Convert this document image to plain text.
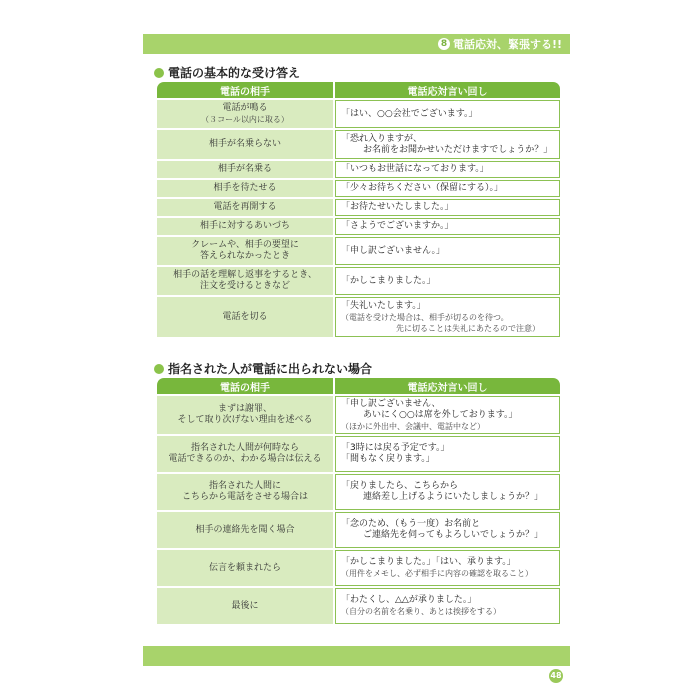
8 電話応対、緊張する!!
電話の基本的な受け答え
電話の相手	電話応対言い回し

電話が鳴る
（３コール以内に取る）	「はい、○○会社でございます。」

相手が名乗らない	「恐れ入りますが、
お名前をお聞かせいただけますでしょうか？」

相手が名乗る	「いつもお世話になっております。」

相手を待たせる	「少々お待ちください（保留にする）。」

電話を再開する	「お待たせいたしました。」

相手に対するあいづち	「さようでございますか。」

クレームや、相手の要望に
答えられなかったとき	「申し訳ございません。」

相手の話を理解し返事をするとき、
注文を受けるときなど	「かしこまりました。」

電話を切る	「失礼いたします。」
（電話を受けた場合は、相手が切るのを待つ。
先に切ることは失礼にあたるので注意）
指名された人が電話に出られない場合
電話の相手	電話応対言い回し

まずは謝罪、
そして取り次げない理由を述べる	「申し訳ございません、
あいにく○○は席を外しております。」
（ほかに外出中、会議中、電話中など）

指名された人間が何時なら
電話できるのか、わかる場合は伝える	「3時には戻る予定です。」
「間もなく戻ります。」

指名された人間に
こちらから電話をさせる場合は	「戻りましたら、こちらから
連絡差し上げるようにいたしましょうか？」

相手の連絡先を聞く場合	「念のため、（もう一度）お名前と
ご連絡先を伺ってもよろしいでしょうか？」

伝言を頼まれたら	「かしこまりました。」「はい、承ります。」
（用件をメモし、必ず相手に内容の確認を取ること）

最後に	「わたくし、△△が承りました。」
（自分の名前を名乗り、あとは挨拶をする）
48
